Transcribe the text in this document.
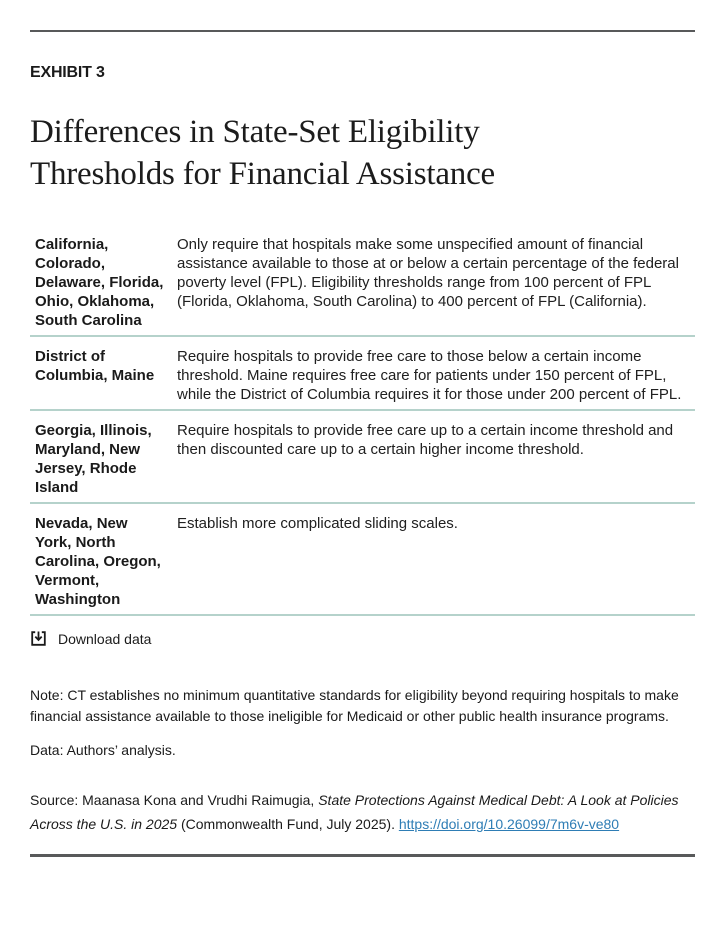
EXHIBIT 3
Differences in State-Set Eligibility Thresholds for Financial Assistance
California, Colorado, Delaware, Florida, Ohio, Oklahoma, South Carolina
Only require that hospitals make some unspecified amount of financial assistance available to those at or below a certain percentage of the federal poverty level (FPL). Eligibility thresholds range from 100 percent of FPL (Florida, Oklahoma, South Carolina) to 400 percent of FPL (California).
District of Columbia, Maine
Require hospitals to provide free care to those below a certain income threshold. Maine requires free care for patients under 150 percent of FPL, while the District of Columbia requires it for those under 200 percent of FPL.
Georgia, Illinois, Maryland, New Jersey, Rhode Island
Require hospitals to provide free care up to a certain income threshold and then discounted care up to a certain higher income threshold.
Nevada, New York, North Carolina, Oregon, Vermont, Washington
Establish more complicated sliding scales.
Download data

Note: CT establishes no minimum quantitative standards for eligibility beyond requiring hospitals to make financial assistance available to those ineligible for Medicaid or other public health insurance programs.

Data: Authors’ analysis.

Source: Maanasa Kona and Vrudhi Raimugia, State Protections Against Medical Debt: A Look at Policies Across the U.S. in 2025 (Commonwealth Fund, July 2025). https://doi.org/10.26099/7m6v-ve80
